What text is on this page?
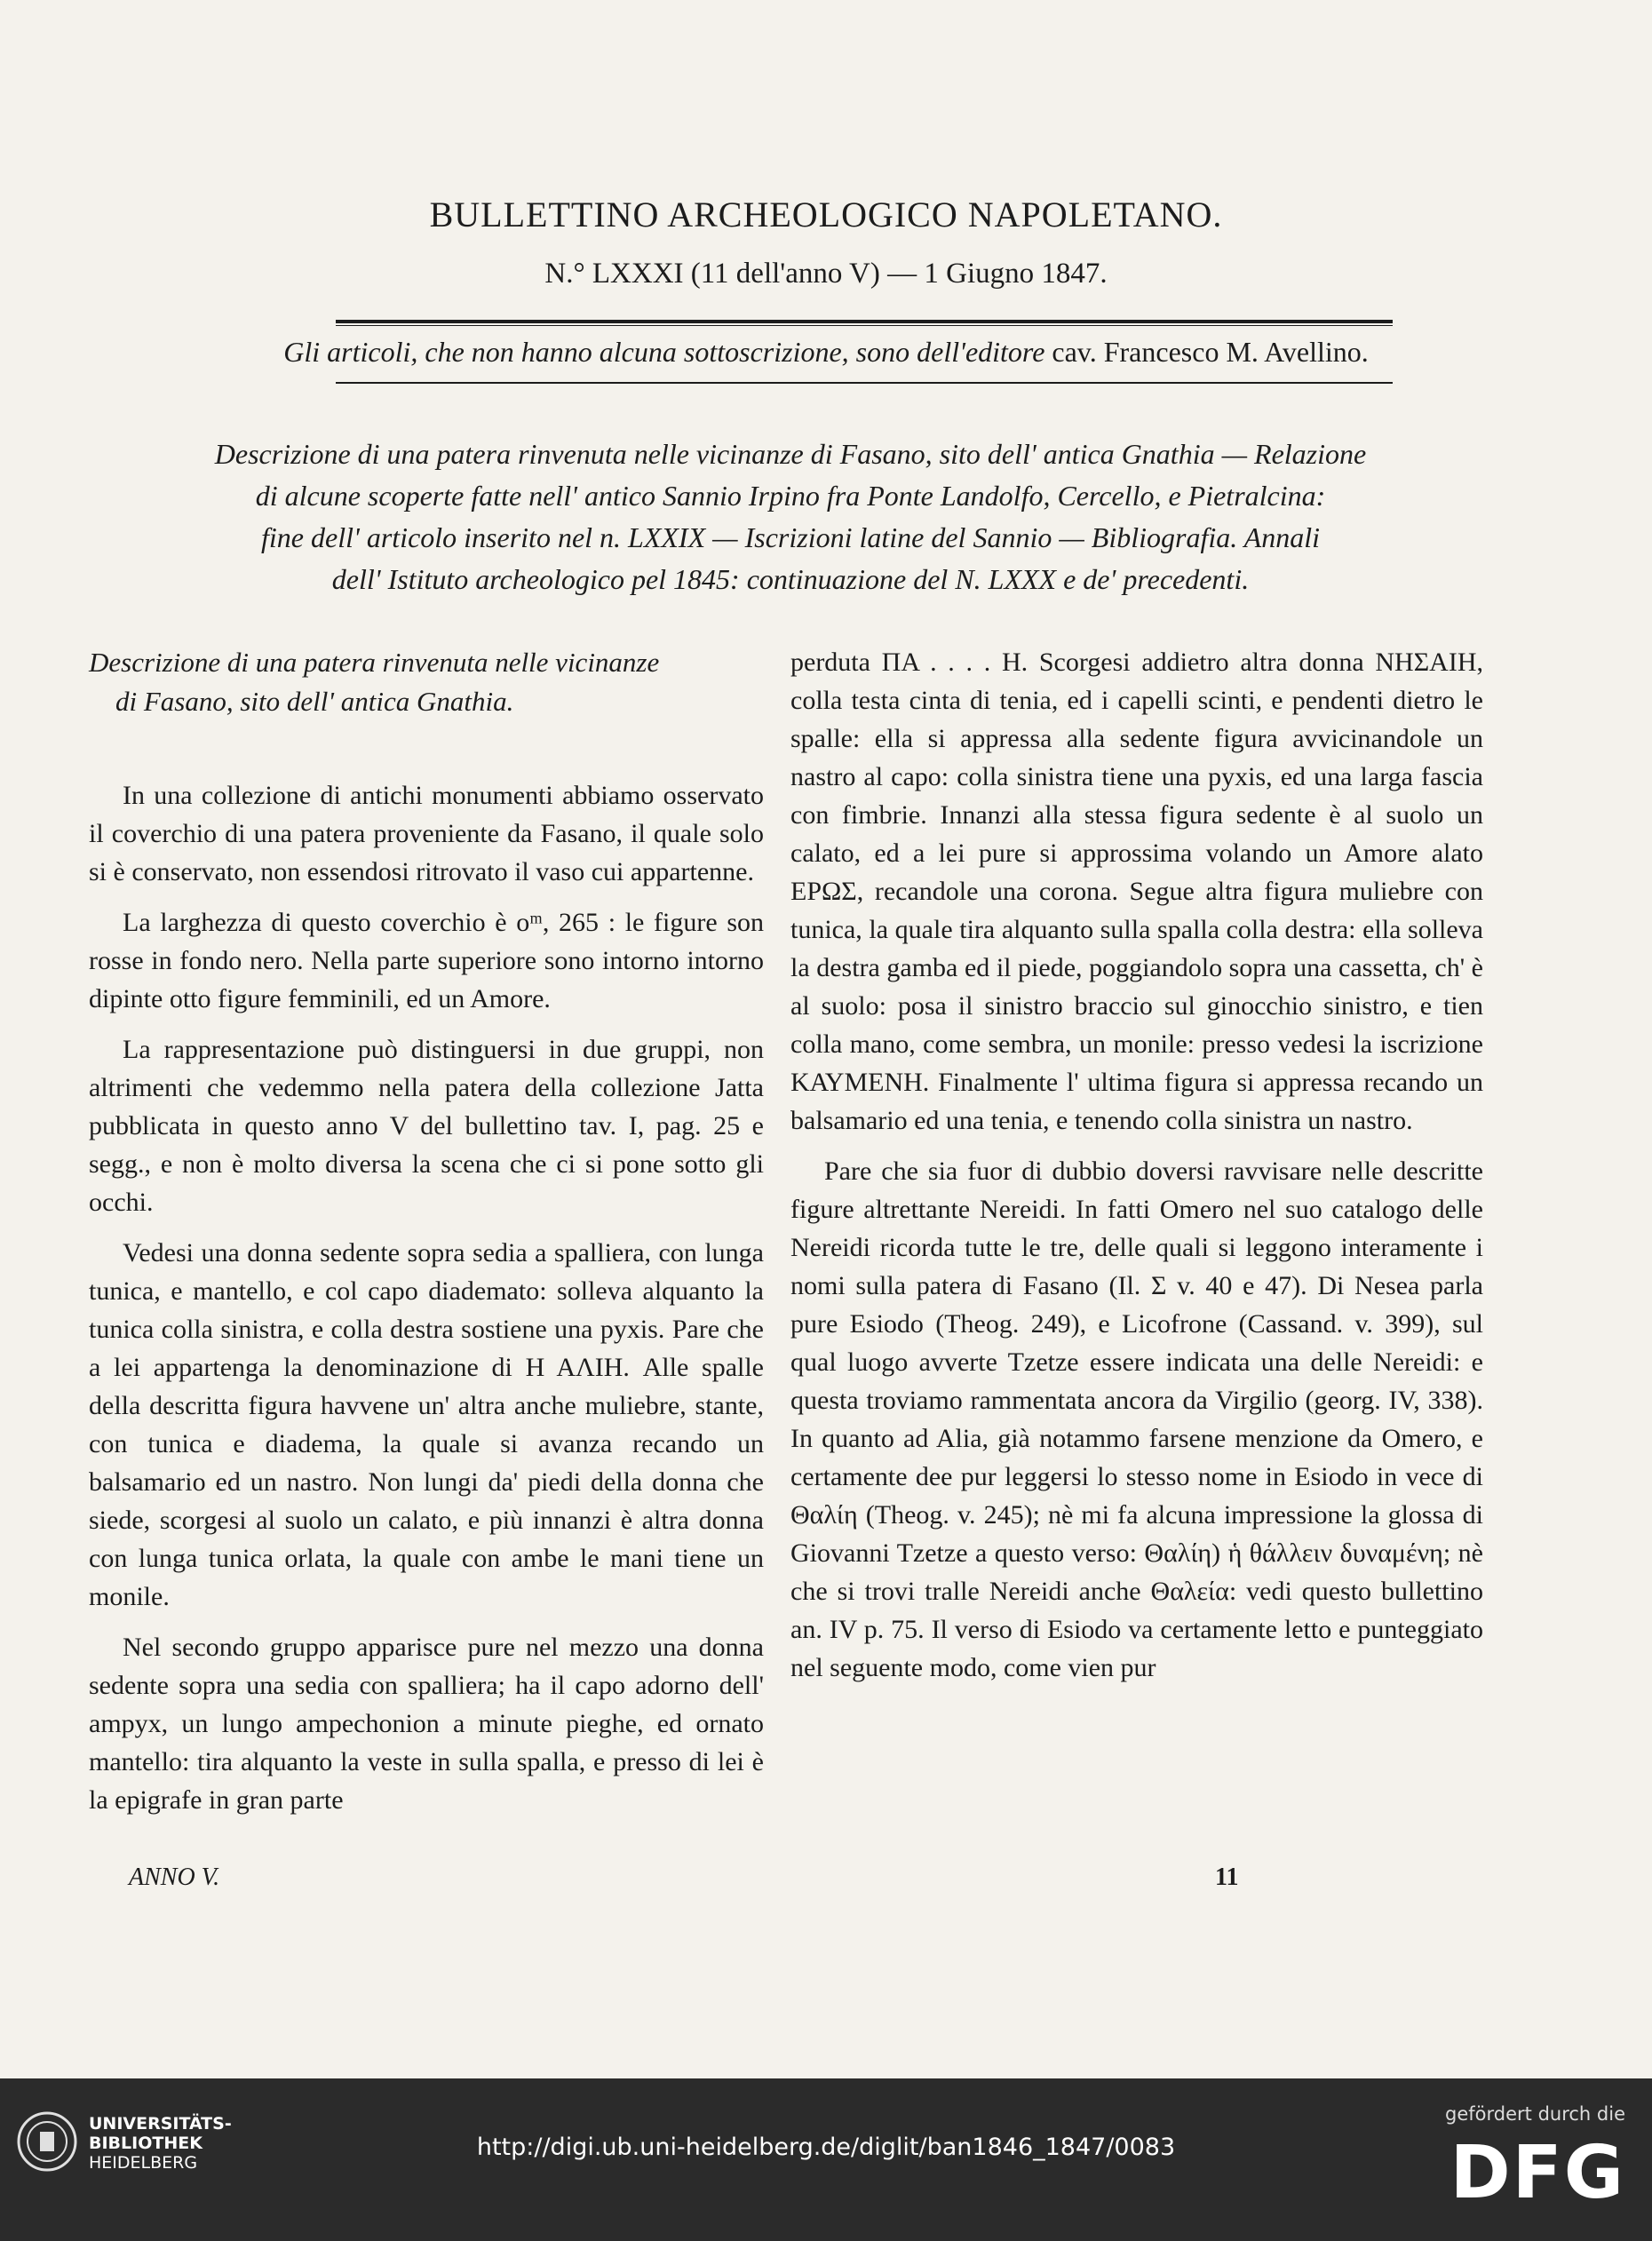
BULLETTINO ARCHEOLOGICO NAPOLETANO.
N.° LXXXI (11 dell'anno V) — 1 Giugno 1847.
Gli articoli, che non hanno alcuna sottoscrizione, sono dell'editore cav. Francesco M. Avellino.
Descrizione di una patera rinvenuta nelle vicinanze di Fasano, sito dell' antica Gnathia — Relazione
di alcune scoperte fatte nell' antico Sannio Irpino fra Ponte Landolfo, Cercello, e Pietralcina:
fine dell' articolo inserito nel n. LXXIX — Iscrizioni latine del Sannio — Bibliografia. Annali
dell' Istituto archeologico pel 1845: continuazione del N. LXXX e de' precedenti.
Descrizione di una patera rinvenuta nelle vicinanze
di Fasano, sito dell' antica Gnathia.

In una collezione di antichi monumenti abbiamo osservato il coverchio di una patera proveniente da Fasano, il quale solo si è conservato, non essendosi ritrovato il vaso cui appartenne.

La larghezza di questo coverchio è oᵐ, 265 : le figure son rosse in fondo nero. Nella parte superiore sono intorno intorno dipinte otto figure femminili, ed un Amore.

La rappresentazione può distinguersi in due gruppi, non altrimenti che vedemmo nella patera della collezione Jatta pubblicata in questo anno V del bullettino tav. I, pag. 25 e segg., e non è molto diversa la scena che ci si pone sotto gli occhi.

Vedesi una donna sedente sopra sedia a spalliera, con lunga tunica, e mantello, e col capo diademato: solleva alquanto la tunica colla sinistra, e colla destra sostiene una pyxis. Pare che a lei appartenga la denominazione di Η ΑΛΙΗ. Alle spalle della descritta figura havvene un' altra anche muliebre, stante, con tunica e diadema, la quale si avanza recando un balsamario ed un nastro. Non lungi da' piedi della donna che siede, scorgesi al suolo un calato, e più innanzi è altra donna con lunga tunica orlata, la quale con ambe le mani tiene un monile.

Nel secondo gruppo apparisce pure nel mezzo una donna sedente sopra una sedia con spalliera; ha il capo adorno dell' ampyx, un lungo ampechonion a minute pieghe, ed ornato mantello: tira alquanto la veste in sulla spalla, e presso di lei è la epigrafe in gran parte

perduta ΠΑ . . . . Η. Scorgesi addietro altra donna ΝΗΣΑΙΗ, colla testa cinta di tenia, ed i capelli scinti, e pendenti dietro le spalle: ella si appressa alla sedente figura avvicinandole un nastro al capo: colla sinistra tiene una pyxis, ed una larga fascia con fimbrie. Innanzi alla stessa figura sedente è al suolo un calato, ed a lei pure si approssima volando un Amore alato ΕΡΩΣ, recandole una corona. Segue altra figura muliebre con tunica, la quale tira alquanto sulla spalla colla destra: ella solleva la destra gamba ed il piede, poggiandolo sopra una cassetta, ch' è al suolo: posa il sinistro braccio sul ginocchio sinistro, e tien colla mano, come sembra, un monile: presso vedesi la iscrizione ΚΑΥΜΕΝΗ. Finalmente l' ultima figura si appressa recando un balsamario ed una tenia, e tenendo colla sinistra un nastro.

Pare che sia fuor di dubbio doversi ravvisare nelle descritte figure altrettante Nereidi. In fatti Omero nel suo catalogo delle Nereidi ricorda tutte le tre, delle quali si leggono interamente i nomi sulla patera di Fasano (Il. Σ v. 40 e 47). Di Nesea parla pure Esiodo (Theog. 249), e Licofrone (Cassand. v. 399), sul qual luogo avverte Tzetze essere indicata una delle Nereidi: e questa troviamo rammentata ancora da Virgilio (georg. IV, 338). In quanto ad Alia, già notammo farsene menzione da Omero, e certamente dee pur leggersi lo stesso nome in Esiodo in vece di Θαλίη (Theog. v. 245); nè mi fa alcuna impressione la glossa di Giovanni Tzetze a questo verso: Θαλίη) ἡ θάλλειν δυναμένη; nè che si trovi tralle Nereidi anche Θαλεία: vedi questo bullettino an. IV p. 75. Il verso di Esiodo va certamente letto e punteggiato nel seguente modo, come vien pur

ANNO V.	11
UNIVERSITÄTS-
BIBLIOTHEK
HEIDELBERG
http://digi.ub.uni-heidelberg.de/diglit/ban1846_1847/0083
gefördert durch die
DFG
